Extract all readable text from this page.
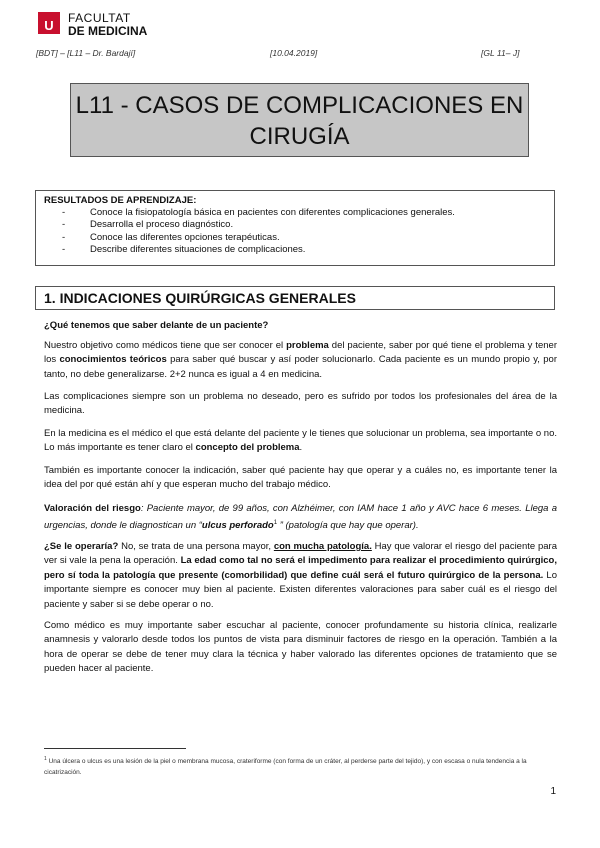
U	FACULTAT
DE MEDICINA
[BDT] – [L11 – Dr. Bardají]	[10.04.2019]	[GL 11– J]
L11 - CASOS DE COMPLICACIONES EN
CIRUGÍA
RESULTADOS DE APRENDIZAJE:
- Conoce la fisiopatología básica en pacientes con diferentes complicaciones generales.
- Desarrolla el proceso diagnóstico.
- Conoce las diferentes opciones terapéuticas.
- Describe diferentes situaciones de complicaciones.
1. INDICACIONES QUIRÚRGICAS GENERALES
¿Qué tenemos que saber delante de un paciente?
Nuestro objetivo como médicos tiene que ser conocer el problema del paciente, saber por qué tiene el problema y tener los conocimientos teóricos para saber qué buscar y así poder solucionarlo. Cada paciente es un mundo propio y, por tanto, no debe generalizarse. 2+2 nunca es igual a 4 en medicina.
Las complicaciones siempre son un problema no deseado, pero es sufrido por todos los profesionales del área de la medicina.
En la medicina es el médico el que está delante del paciente y le tienes que solucionar un problema, sea importante o no. Lo más importante es tener claro el concepto del problema.
También es importante conocer la indicación, saber qué paciente hay que operar y a cuáles no, es importante tener la idea del por qué están ahí y que esperan mucho del trabajo médico.
Valoración del riesgo: Paciente mayor, de 99 años, con Alzhéimer, con IAM hace 1 año y AVC hace 6 meses. Llega a urgencias, donde le diagnostican un “ulcus perforado$^1$ ” (patología que hay que operar).
¿Se le operaría? No, se trata de una persona mayor, con mucha patología. Hay que valorar el riesgo del paciente para ver si vale la pena la operación. La edad como tal no será el impedimento para realizar el procedimiento quirúrgico, pero sí toda la patología que presente (comorbilidad) que define cuál será el futuro quirúrgico de la persona. Lo importante siempre es conocer muy bien al paciente. Existen diferentes valoraciones para saber cuál es el riesgo del paciente y saber si se debe operar o no.
Como médico es muy importante saber escuchar al paciente, conocer profundamente su historia clínica, realizarle anamnesis y valorarlo desde todos los puntos de vista para disminuir factores de riesgo en la operación. También a la hora de operar se debe de tener muy clara la técnica y haber valorado las diferentes opciones de tratamiento que se pueden hacer al paciente.
$^1$ Una úlcera o ulcus es una lesión de la piel o membrana mucosa, crateriforme (con forma de un cráter, al perderse parte del tejido), y con escasa o nula tendencia a la cicatrización.
1
